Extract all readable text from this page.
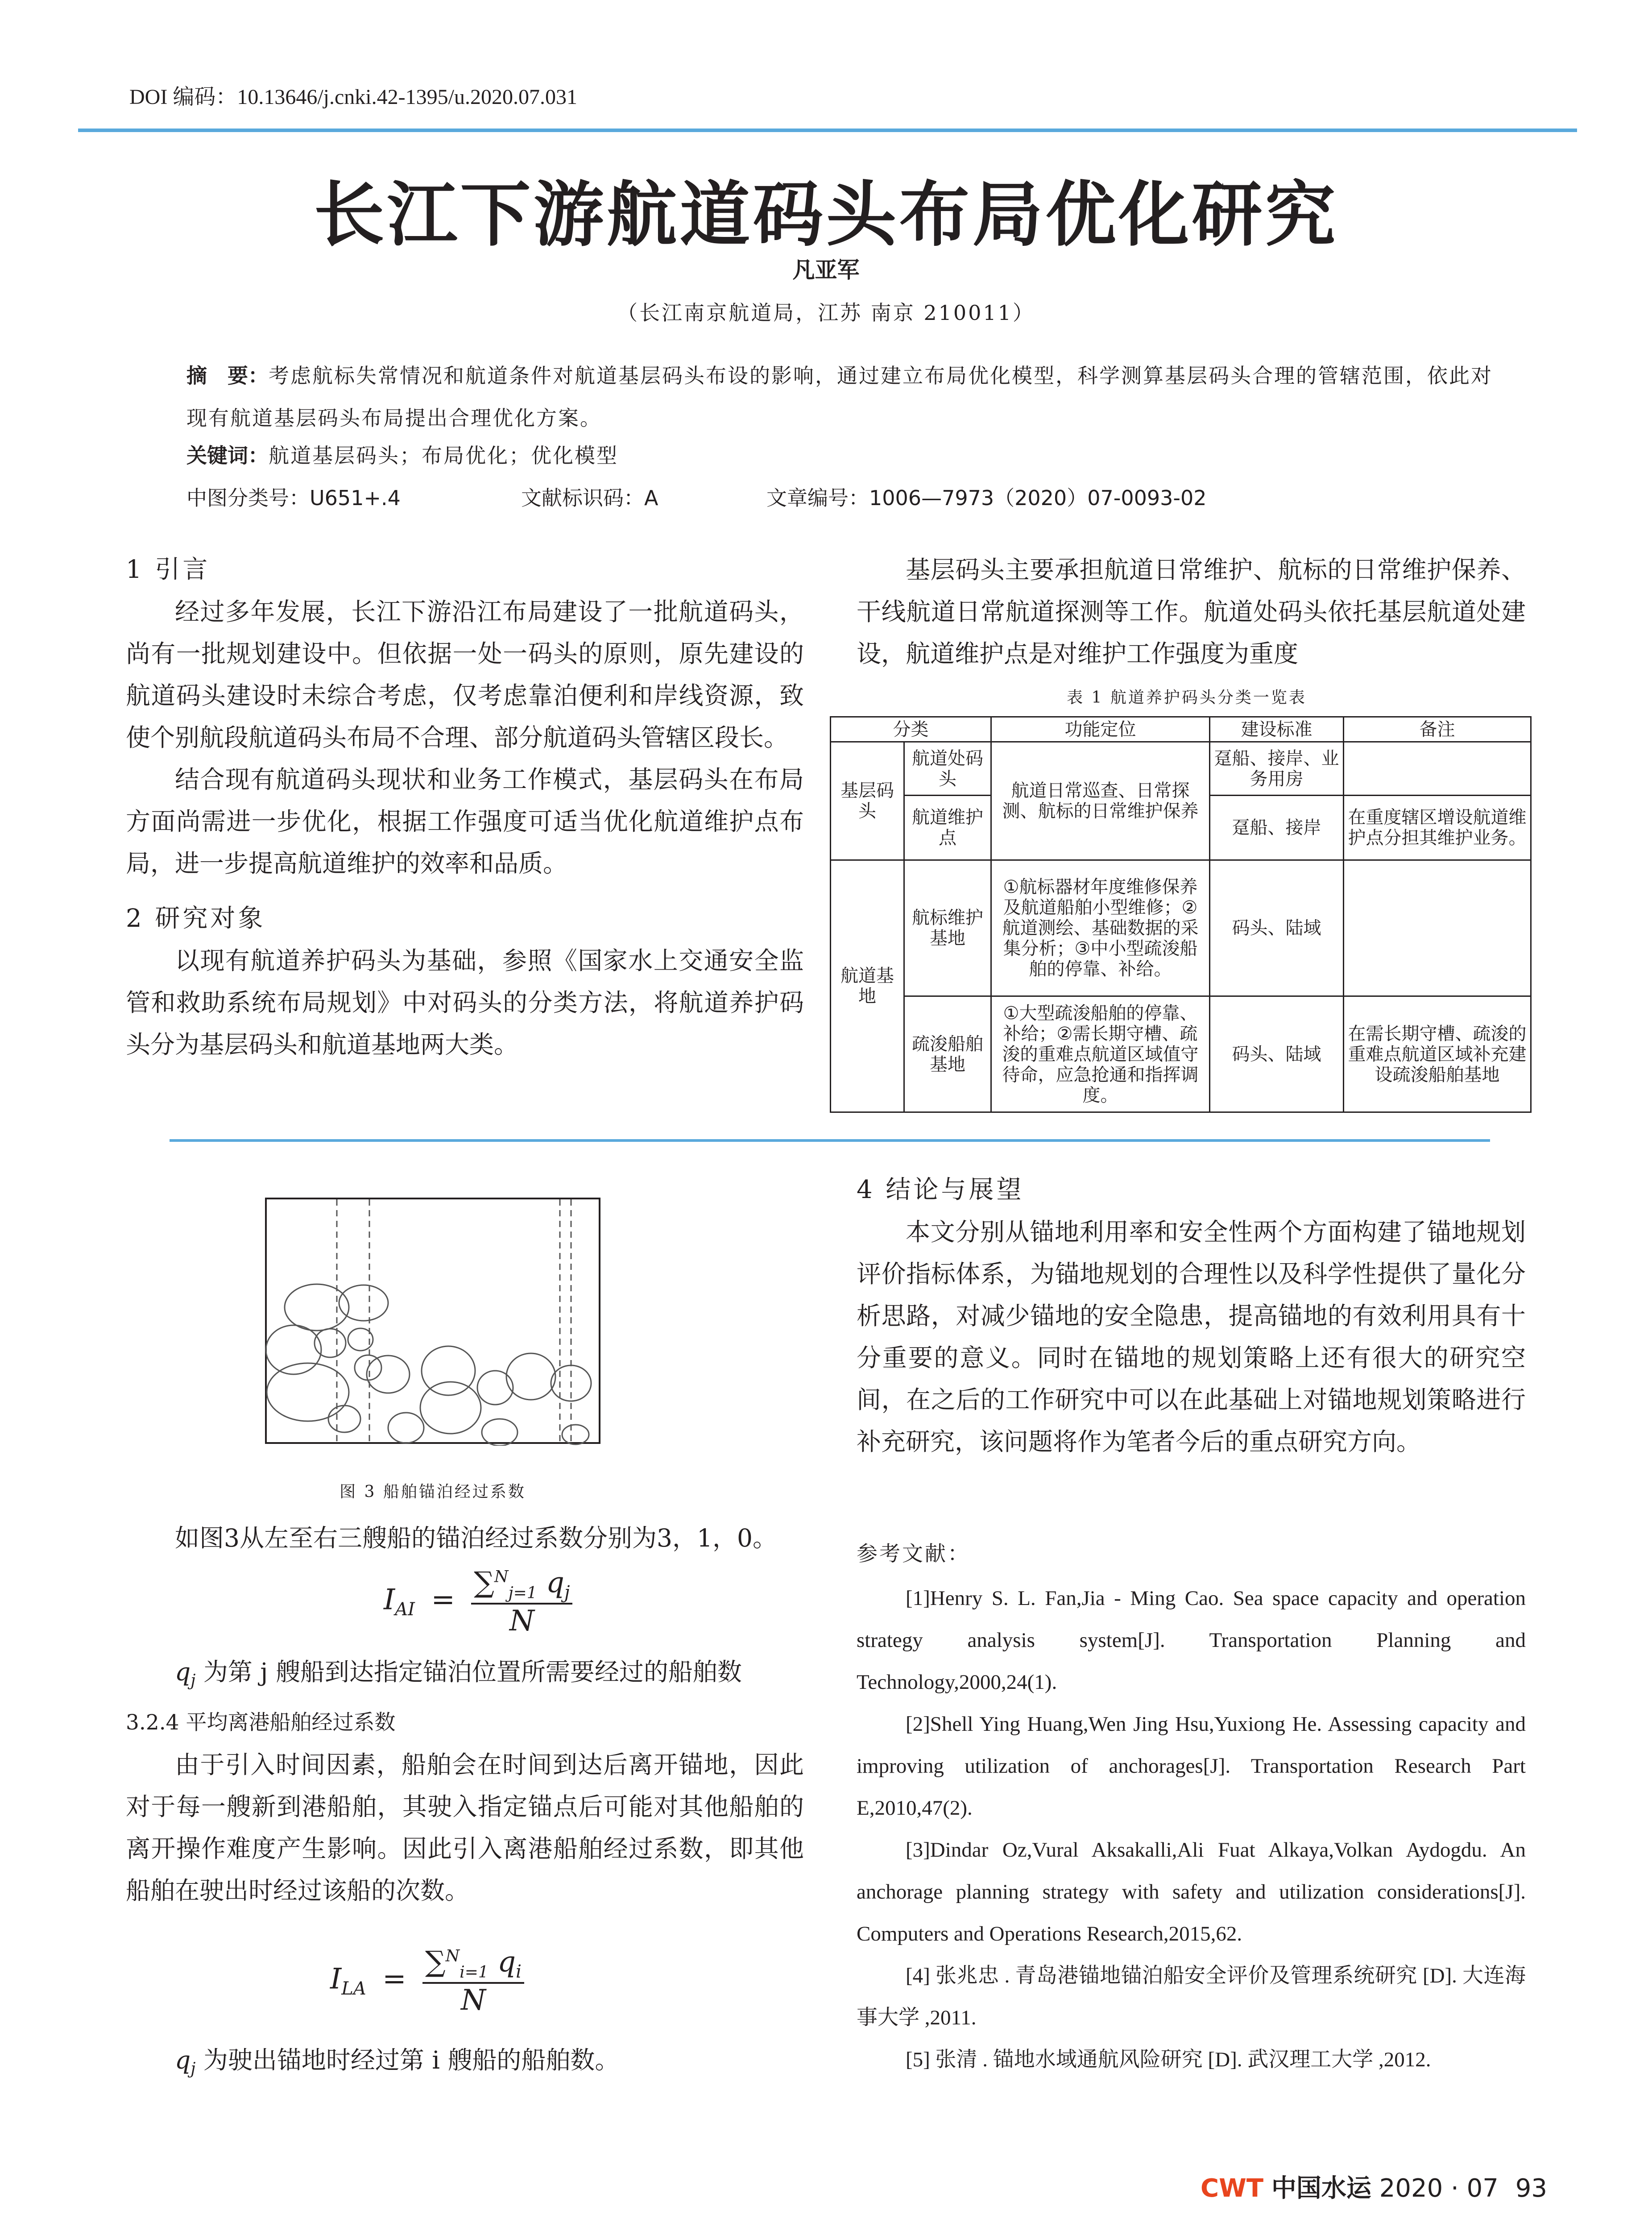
DOI 编码：10.13646/j.cnki.42-1395/u.2020.07.031
长江下游航道码头布局优化研究
凡亚军
（长江南京航道局，江苏 南京 210011）
摘　要：考虑航标失常情况和航道条件对航道基层码头布设的影响，通过建立布局优化模型，科学测算基层码头合理的管辖范围，依此对现有航道基层码头布局提出合理优化方案。
关键词：航道基层码头；布局优化；优化模型
中图分类号：U651+.4	文献标识码：A	文章编号：1006—7973（2020）07-0093-02
1 引言

经过多年发展，长江下游沿江布局建设了一批航道码头，尚有一批规划建设中。但依据一处一码头的原则，原先建设的航道码头建设时未综合考虑，仅考虑靠泊便利和岸线资源，致使个别航段航道码头布局不合理、部分航道码头管辖区段长。

结合现有航道码头现状和业务工作模式，基层码头在布局方面尚需进一步优化，根据工作强度可适当优化航道维护点布局，进一步提高航道维护的效率和品质。

2 研究对象

以现有航道养护码头为基础，参照《国家水上交通安全监管和救助系统布局规划》中对码头的分类方法，将航道养护码头分为基层码头和航道基地两大类。

基层码头主要承担航道日常维护、航标的日常维护保养、干线航道日常航道探测等工作。航道处码头依托基层航道处建设，航道维护点是对维护工作强度为重度

表 1 航道养护码头分类一览表
分类		功能定位	建设标准	备注
基层码头	航道处码头	航道日常巡查、日常探测、航标的日常维护保养	趸船、接岸、业务用房	
	航道维护点		趸船、接岸	在重度辖区增设航道维护点分担其维护业务。
航道基地	航标维护基地	①航标器材年度维修保养及航道船舶小型维修；②航道测绘、基础数据的采集分析；③中小型疏浚船舶的停靠、补给。	码头、陆域	
	疏浚船舶基地	①大型疏浚船舶的停靠、补给；②需长期守槽、疏浚的重难点航道区域值守待命，应急抢通和指挥调度。	码头、陆域	在需长期守槽、疏浚的重难点航道区域补充建设疏浚船舶基地
图 3 船舶锚泊经过系数

如图3从左至右三艘船的锚泊经过系数分别为3，1，0。

$I_{AI} = \frac{\sum^N_{j=1} q_j}{N}$

$q_j$ 为第 j 艘船到达指定锚泊位置所需要经过的船舶数

3.2.4 平均离港船舶经过系数

由于引入时间因素，船舶会在时间到达后离开锚地，因此对于每一艘新到港船舶，其驶入指定锚点后可能对其他船舶的离开操作难度产生影响。因此引入离港船舶经过系数，即其他船舶在驶出时经过该船的次数。

$I_{LA} = \frac{\sum^N_{i=1} q_i}{N}$

$q_j$ 为驶出锚地时经过第 i 艘船的船舶数。

4 结论与展望

本文分别从锚地利用率和安全性两个方面构建了锚地规划评价指标体系，为锚地规划的合理性以及科学性提供了量化分析思路，对减少锚地的安全隐患，提高锚地的有效利用具有十分重要的意义。同时在锚地的规划策略上还有很大的研究空间，在之后的工作研究中可以在此基础上对锚地规划策略进行补充研究，该问题将作为笔者今后的重点研究方向。

参考文献：

[1]Henry S. L. Fan,Jia - Ming Cao. Sea space capacity and operation strategy analysis system[J]. Transportation Planning and Technology,2000,24(1).

[2]Shell Ying Huang,Wen Jing Hsu,Yuxiong He. Assessing capacity and improving utilization of anchorages[J]. Transportation Research Part E,2010,47(2).

[3]Dindar Oz,Vural Aksakalli,Ali Fuat Alkaya,Volkan Aydogdu. An anchorage planning strategy with safety and utilization considerations[J]. Computers and Operations Research,2015,62.

[4] 张兆忠 . 青岛港锚地锚泊船安全评价及管理系统研究 [D]. 大连海事大学 ,2011.

[5] 张清 . 锚地水域通航风险研究 [D]. 武汉理工大学 ,2012.

CWT 中国水运 2020 · 07 93
